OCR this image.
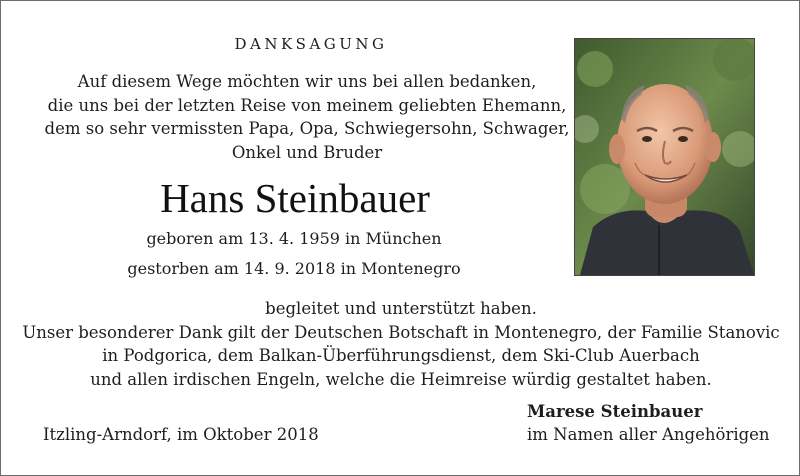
DANKSAGUNG
Auf diesem Wege möchten wir uns bei allen bedanken,
die uns bei der letzten Reise von meinem geliebten Ehemann,
dem so sehr vermissten Papa, Opa, Schwiegersohn, Schwager,
Onkel und Bruder
Hans Steinbauer
geboren am 13. 4. 1959 in München
gestorben am 14. 9. 2018 in Montenegro
begleitet und unterstützt haben.
Unser besonderer Dank gilt der Deutschen Botschaft in Montenegro, der Familie Stanovic
in Podgorica, dem Balkan-Überführungsdienst, dem Ski-Club Auerbach
und allen irdischen Engeln, welche die Heimreise würdig gestaltet haben.
Itzling-Arndorf, im Oktober 2018
Marese Steinbauer
im Namen aller Angehörigen
